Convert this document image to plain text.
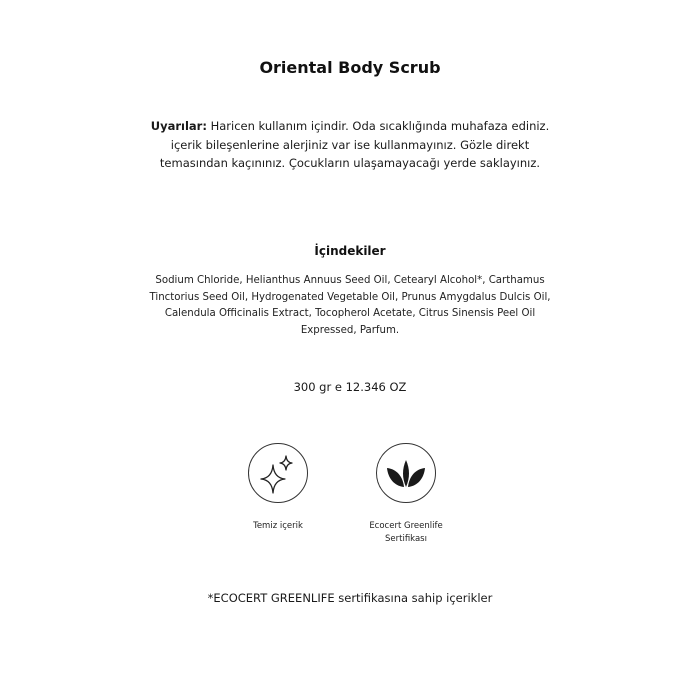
Oriental Body Scrub
Uyarılar: Haricen kullanım içindir. Oda sıcaklığında muhafaza ediniz. içerik bileşenlerine alerjiniz var ise kullanmayınız. Gözle direkt temasından kaçınınız. Çocukların ulaşamayacağı yerde saklayınız.
İçindekiler
Sodium Chloride, Helianthus Annuus Seed Oil, Cetearyl Alcohol*, Carthamus Tinctorius Seed Oil, Hydrogenated Vegetable Oil, Prunus Amygdalus Dulcis Oil, Calendula Officinalis Extract, Tocopherol Acetate, Citrus Sinensis Peel Oil Expressed, Parfum.
300 gr e 12.346 OZ
Temiz içerik	Ecocert Greenlife
Sertifikası
*ECOCERT GREENLIFE sertifikasına sahip içerikler
